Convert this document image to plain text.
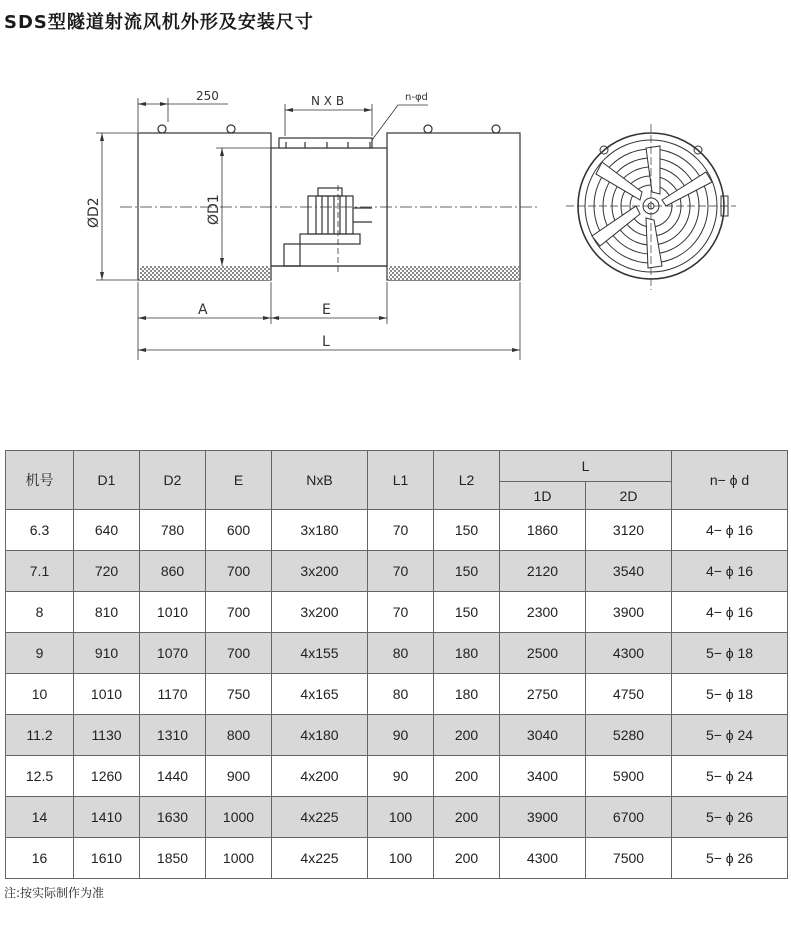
SDS型隧道射流风机外形及安装尺寸
250	N X B	n-φd
ØD2	ØD1
A	E
L
机号	D1	D2	E	NxB	L1	L2	L		n− ϕ d
							1D	2D	
6.3	640	780	600	3x180	70	150	1860	3120	4− ϕ 16
7.1	720	860	700	3x200	70	150	2120	3540	4− ϕ 16
8	810	1010	700	3x200	70	150	2300	3900	4− ϕ 16
9	910	1070	700	4x155	80	180	2500	4300	5− ϕ 18
10	1010	1170	750	4x165	80	180	2750	4750	5− ϕ 18
11.2	1130	1310	800	4x180	90	200	3040	5280	5− ϕ 24
12.5	1260	1440	900	4x200	90	200	3400	5900	5− ϕ 24
14	1410	1630	1000	4x225	100	200	3900	6700	5− ϕ 26
16	1610	1850	1000	4x225	100	200	4300	7500	5− ϕ 26
注:按实际制作为准
